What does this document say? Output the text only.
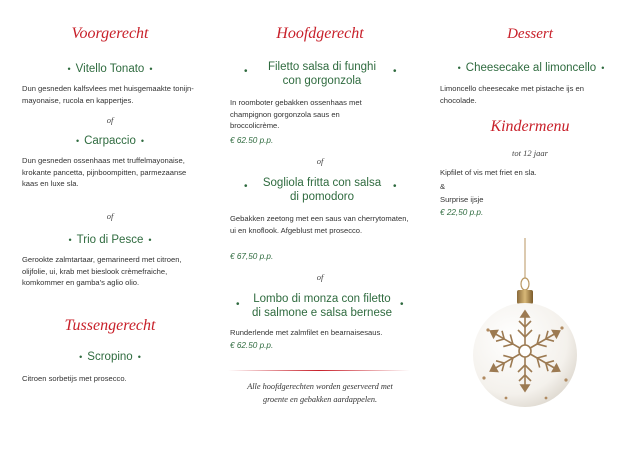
Voorgerecht
• Vitello Tonato •
Dun gesneden kalfsvlees met huisgemaakte tonijn-mayonaise, rucola en kappertjes.
of
• Carpaccio •
Dun gesneden ossenhaas met truffelmayonaise, krokante pancetta, pijnboompitten, parmezaanse kaas en luxe sla.
of
• Trio di Pesce •
Gerookte zalmtartaar, gemarineerd met citroen, olijfolie, ui, krab met bieslook crèmefraiche, komkommer en gamba's aglio olio.
Tussengerecht
• Scropino •
Citroen sorbetijs met prosecco.
Hoofdgerecht
•	Filetto salsa di funghi
con gorgonzola
•
In roomboter gebakken ossenhaas met champignon gorgonzola saus en broccolicrème.
€ 62.50 p.p.
of
•	Sogliola fritta con salsa
di pomodoro
•
Gebakken zeetong met een saus van cherrytomaten, ui en knoflook. Afgeblust met prosecco.
€ 67,50 p.p.
of
•	Lombo di monza con filetto
di salmone e salsa bernese
•
Runderlende met zalmfilet en bearnaisesaus.
€ 62.50 p.p.
Alle hoofdgerechten worden geserveerd met
groente en gebakken aardappelen.
Dessert
• Cheesecake al limoncello •
Limoncello cheesecake met pistache ijs en chocolade.
Kindermenu
tot 12 jaar
Kipfilet of vis met friet en sla.
&
Surprise ijsje
€ 22,50 p.p.
